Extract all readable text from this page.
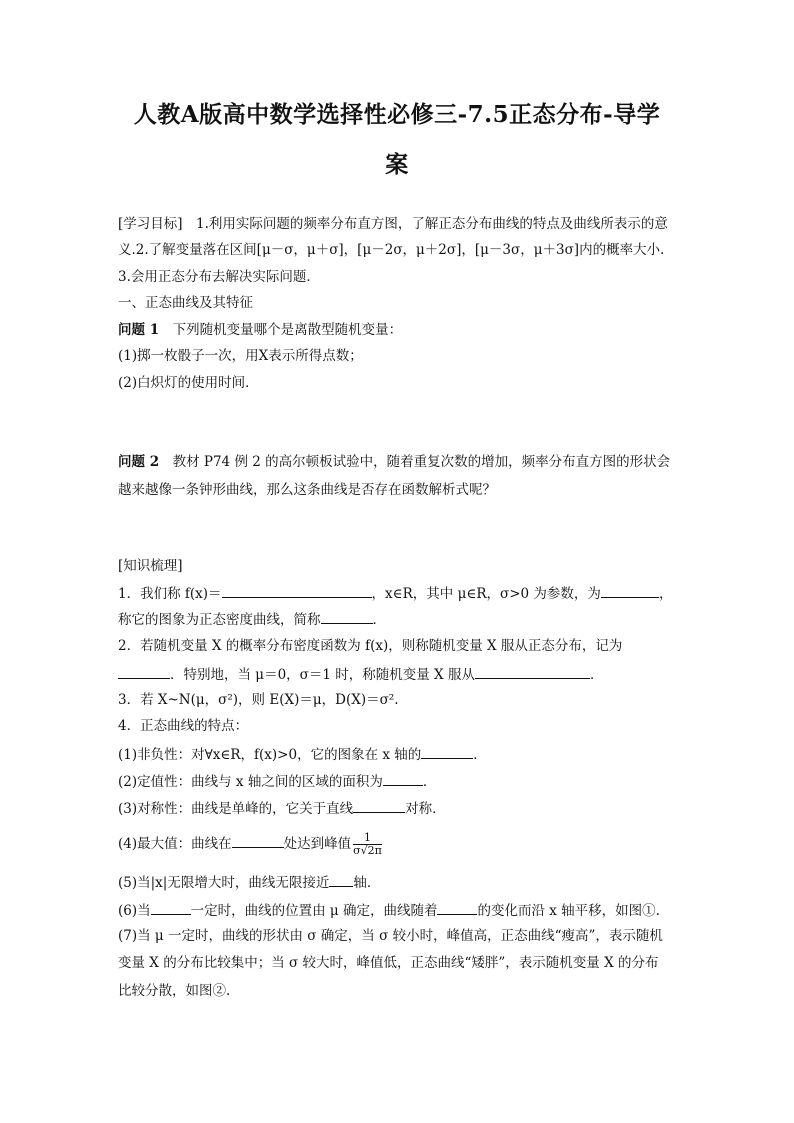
人教A版高中数学选择性必修三-7.5正态分布-导学
案
[学习目标]　1.利用实际问题的频率分布直方图，了解正态分布曲线的特点及曲线所表示的意
义.2.了解变量落在区间[μ－σ，μ＋σ]，[μ－2σ，μ＋2σ]，[μ－3σ，μ＋3σ]内的概率大小.
3.会用正态分布去解决实际问题．
一、正态曲线及其特征
问题 1　下列随机变量哪个是离散型随机变量：
(1)掷一枚骰子一次，用X表示所得点数；
(2)白炽灯的使用时间．
问题 2　教材 P74 例 2 的高尔顿板试验中，随着重复次数的增加，频率分布直方图的形状会
越来越像一条钟形曲线，那么这条曲线是否存在函数解析式呢？
[知识梳理]
1．我们称 f(x)＝	，x∈R，其中 μ∈R，σ>0 为参数，为	，
称它的图象为正态密度曲线，简称	．
2．若随机变量 X 的概率分布密度函数为 f(x)，则称随机变量 X 服从正态分布，记为
．特别地，当 μ＝0，σ＝1 时，称随机变量 X 服从	．
3．若 X~N(μ，σ²)，则 E(X)＝μ，D(X)＝σ².
4．正态曲线的特点：
(1)非负性：对∀x∈R，f(x)>0，它的图象在 x 轴的	．
(2)定值性：曲线与 x 轴之间的区域的面积为	．
(3)对称性：曲线是单峰的，它关于直线	对称．
(4)最大值：曲线在	处达到峰值 $\frac{1}{\sigma√2\pi}$
(5)当|x|无限增大时，曲线无限接近 轴．
(6)当	一定时，曲线的位置由 μ 确定，曲线随着	的变化而沿 x 轴平移，如图①.
(7)当 μ 一定时，曲线的形状由 σ 确定，当 σ 较小时，峰值高，正态曲线“瘦高”，表示随机
变量 X 的分布比较集中；当 σ 较大时，峰值低，正态曲线“矮胖”，表示随机变量 X 的分布
比较分散，如图②.
